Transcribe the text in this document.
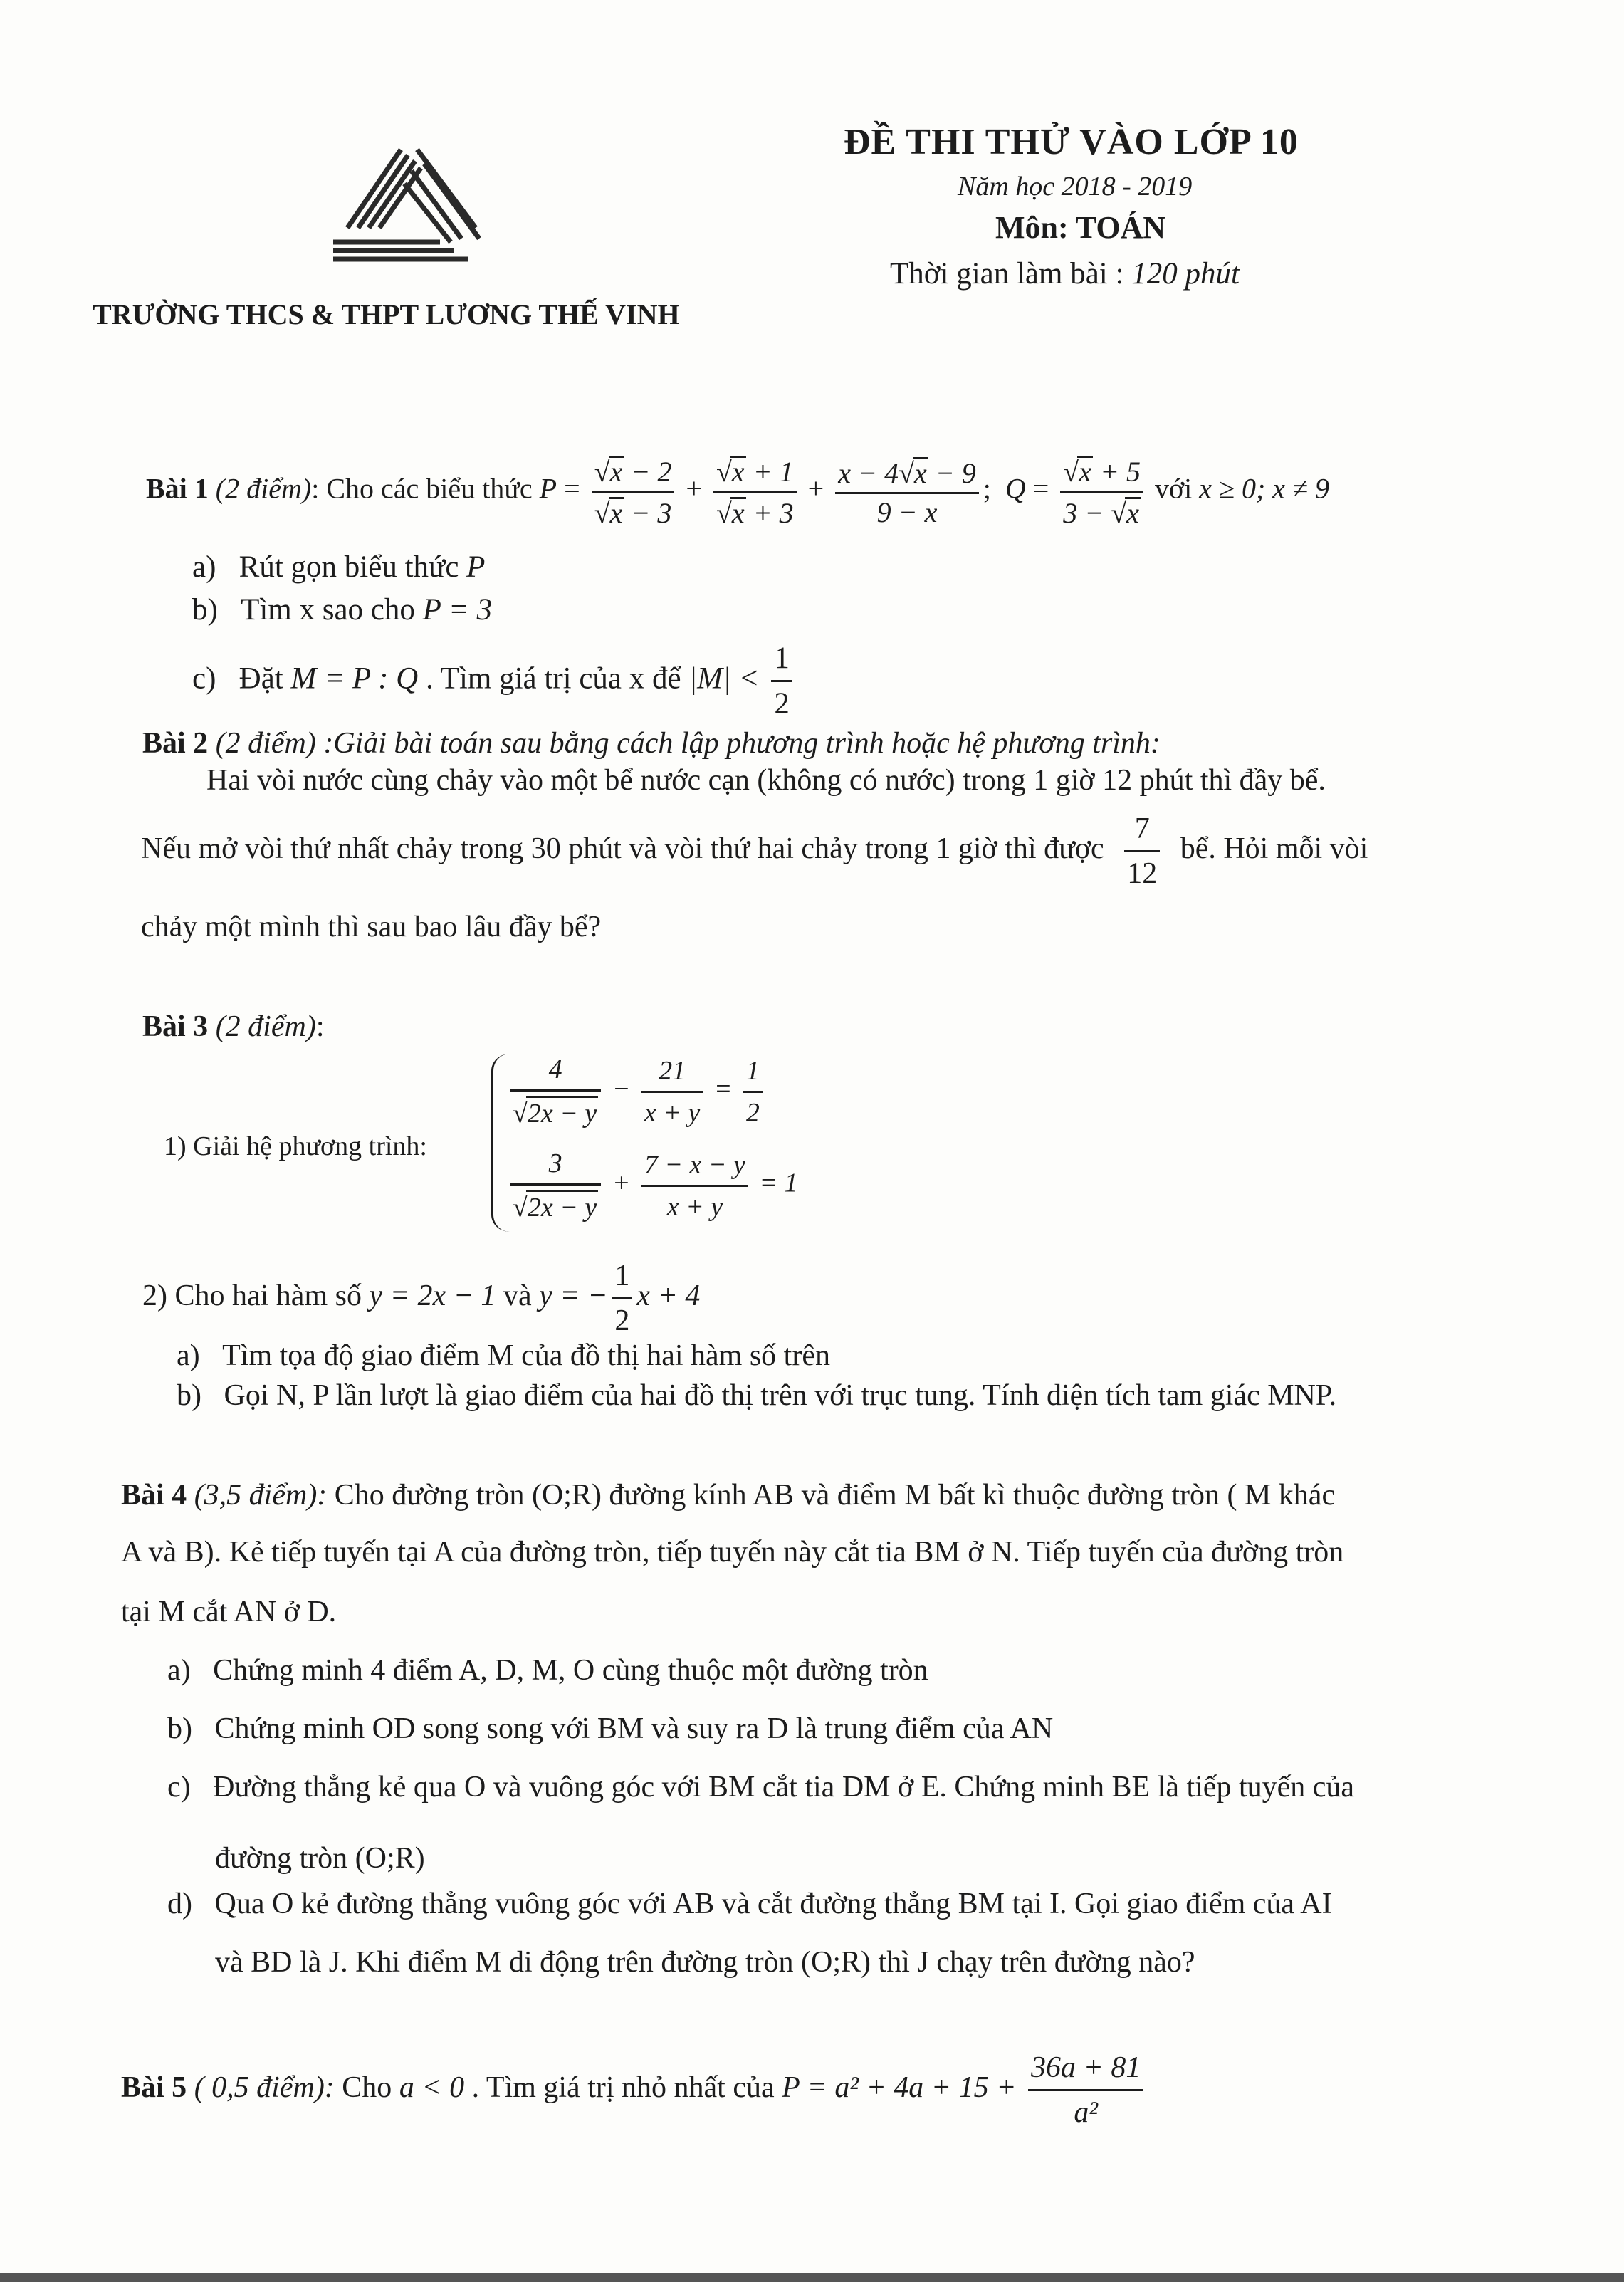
ĐỀ THI THỬ VÀO LỚP 10
Năm học 2018 - 2019
Môn: TOÁN
Thời gian làm bài : 120 phút
TRƯỜNG THCS & THPT LƯƠNG THẾ VINH
Bài 1 (2 điểm): Cho các biểu thức $P = \frac{√x - 2}{√x - 3} + \frac{√x + 1}{√x + 3} + \frac{x - 4√x - 9}{9 - x}$ ; $Q = \frac{√x + 5}{3 - √x}$ với x ≥ 0; x ≠ 9
a) Rút gọn biểu thức P
b) Tìm x sao cho P = 3
c) Đặt M = P : Q . Tìm giá trị của x để $|M| < \frac{1}{2}$
Bài 2 (2 điểm) :Giải bài toán sau bằng cách lập phương trình hoặc hệ phương trình:
Hai vòi nước cùng chảy vào một bể nước cạn (không có nước) trong 1 giờ 12 phút thì đầy bể.
Nếu mở vòi thứ nhất chảy trong 30 phút và vòi thứ hai chảy trong 1 giờ thì được $\frac{7}{12}$ bể. Hỏi mỗi vòi
chảy một mình thì sau bao lâu đầy bể?
Bài 3 (2 điểm):
1) Giải hệ phương trình:
$\frac{4}{√2x - y} - \frac{21}{x + y} = \frac{1}{2}$
$\frac{3}{√2x - y} + \frac{7 - x - y}{x + y} = 1$
2) Cho hai hàm số y = 2x − 1 và y = − $\frac{1}{2}$ x + 4
a) Tìm tọa độ giao điểm M của đồ thị hai hàm số trên
b) Gọi N, P lần lượt là giao điểm của hai đồ thị trên với trục tung. Tính diện tích tam giác MNP.
Bài 4 (3,5 điểm): Cho đường tròn (O;R) đường kính AB và điểm M bất kì thuộc đường tròn ( M khác
A và B). Kẻ tiếp tuyến tại A của đường tròn, tiếp tuyến này cắt tia BM ở N. Tiếp tuyến của đường tròn
tại M cắt AN ở D.
a) Chứng minh 4 điểm A, D, M, O cùng thuộc một đường tròn
b) Chứng minh OD song song với BM và suy ra D là trung điểm của AN
c) Đường thẳng kẻ qua O và vuông góc với BM cắt tia DM ở E. Chứng minh BE là tiếp tuyến của
đường tròn (O;R)
d) Qua O kẻ đường thẳng vuông góc với AB và cắt đường thẳng BM tại I. Gọi giao điểm của AI
và BD là J. Khi điểm M di động trên đường tròn (O;R) thì J chạy trên đường nào?
Bài 5 ( 0,5 điểm): Cho a < 0 . Tìm giá trị nhỏ nhất của $P = a^2 + 4a + 15 + \frac{36a + 81}{\text{a²}}$
